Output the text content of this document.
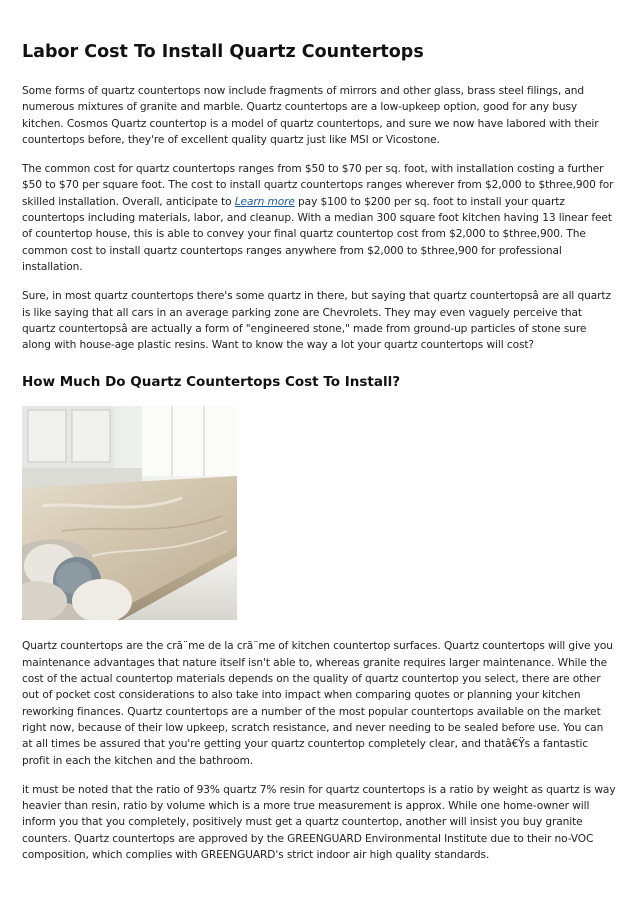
Labor Cost To Install Quartz Countertops

Some forms of quartz countertops now include fragments of mirrors and other glass, brass steel filings, and numerous mixtures of granite and marble. Quartz countertops are a low-upkeep option, good for any busy kitchen. Cosmos Quartz countertop is a model of quartz countertops, and sure we now have labored with their countertops before, they're of excellent quality quartz just like MSI or Vicostone.

The common cost for quartz countertops ranges from $50 to $70 per sq. foot, with installation costing a further $50 to $70 per square foot. The cost to install quartz countertops ranges wherever from $2,000 to $three,900 for skilled installation. Overall, anticipate to Learn more pay $100 to $200 per sq. foot to install your quartz countertops including materials, labor, and cleanup. With a median 300 square foot kitchen having 13 linear feet of countertop house, this is able to convey your final quartz countertop cost from $2,000 to $three,900. The common cost to install quartz countertops ranges anywhere from $2,000 to $three,900 for professional installation.

Sure, in most quartz countertops there's some quartz in there, but saying that quartz countertopsâ are all quartz is like saying that all cars in an average parking zone are Chevrolets. They may even vaguely perceive that quartz countertopsâ are actually a form of "engineered stone," made from ground-up particles of stone sure along with house-age plastic resins. Want to know the way a lot your quartz countertops will cost?

How Much Do Quartz Countertops Cost To Install?

Quartz countertops are the crã¨me de la crã¨me of kitchen countertop surfaces. Quartz countertops will give you maintenance advantages that nature itself isn't able to, whereas granite requires larger maintenance. While the cost of the actual countertop materials depends on the quality of quartz countertop you select, there are other out of pocket cost considerations to also take into impact when comparing quotes or planning your kitchen reworking finances. Quartz countertops are a number of the most popular countertops available on the market right now, because of their low upkeep, scratch resistance, and never needing to be sealed before use. You can at all times be assured that you're getting your quartz countertop completely clear, and thatâ€Ÿs a fantastic profit in each the kitchen and the bathroom.

it must be noted that the ratio of 93% quartz 7% resin for quartz countertops is a ratio by weight as quartz is way heavier than resin, ratio by volume which is a more true measurement is approx. While one home-owner will inform you that you completely, positively must get a quartz countertop, another will insist you buy granite counters. Quartz countertops are approved by the GREENGUARD Environmental Institute due to their no-VOC composition, which complies with GREENGUARD's strict indoor air high quality standards.
